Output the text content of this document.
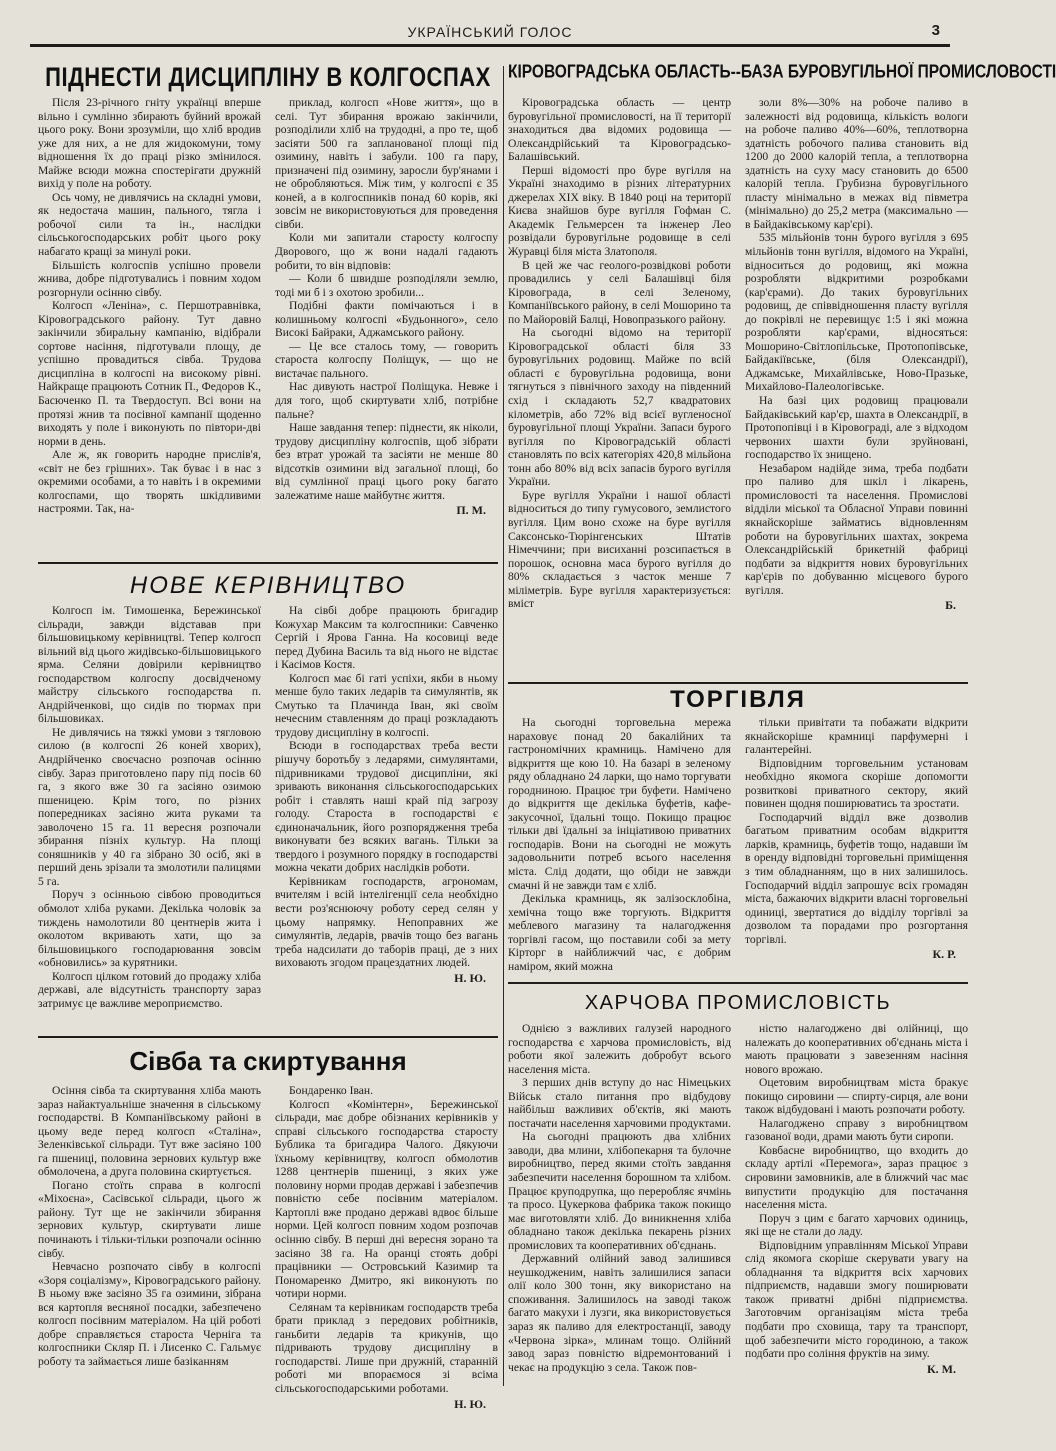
УКРАЇНСЬКИЙ ГОЛОС	3
ПІДНЕСТИ ДИСЦИПЛІНУ В КОЛГОСПАХ

Після 23-річного гніту українці вперше вільно і сумлінно збирають буйний врожай цього року. Вони зрозуміли, що хліб вродив уже для них, а не для жидокомуни, тому відношення їх до праці різко змінилося. Майже всюди можна спостерігати дружній вихід у поле на роботу.

Ось чому, не дивлячись на складні умови, як недостача машин, пального, тягла і робочої сили та ін., наслідки сільськогосподарських робіт цього року набагато кращі за минулі роки.

Більшість колгоспів успішно провели жнива, добре підготувались і повним ходом розгорнули осінню сівбу.

Колгосп «Леніна», с. Першотравнівка, Кіровоградського району. Тут давно закінчили збиральну кампанію, відібрали сортове насіння, підготували площу, де успішно провадиться сівба. Трудова дисципліна в колгоспі на високому рівні. Найкраще працюють Сотник П., Федоров К., Басюченко П. та Твердоступ. Всі вони на протязі жнив та посівної кампанії щоденно виходять у поле і виконують по півтори-дві норми в день.

Але ж, як говорить народне прислів'я, «світ не без грішних». Так буває і в нас з окремими особами, а то навіть і в окремими колгоспами, що творять шкідливими настроями. Так, на-

приклад, колгосп «Нове життя», що в селі. Тут збирання врожаю закінчили, розподілили хліб на трудодні, а про те, щоб засіяти 500 га запланованої площі під озимину, навіть і забули. 100 га пару, призначені під озимину, заросли бур'янами і не обробляються. Між тим, у колгоспі є 35 коней, а в колгоспників понад 60 корів, які зовсім не використовуються для проведення сівби.

Коли ми запитали старосту колгоспу Дворового, що ж вони надалі гадають робити, то він відповів:

— Коли б швидше розподіляли землю, тоді ми б і з охотою зробили...

Подібні факти помічаються і в колишньому колгоспі «Будьонного», село Високі Байраки, Аджамського району.

— Це все сталось тому, — говорить староста колгоспу Поліщук, — що не вистачає пального.

Нас дивують настрої Поліщука. Невже і для того, щоб скиртувати хліб, потрібне пальне?

Наше завдання тепер: піднести, як ніколи, трудову дисципліну колгоспів, щоб зібрати без втрат урожай та засіяти не менше 80 відсотків озимини від загальної площі, бо від сумлінної праці цього року багато залежатиме наше майбутнє життя.

П. М.
НОВЕ КЕРІВНИЦТВО

Колгосп ім. Тимошенка, Бережинської сільради, завжди відставав при більшовицькому керівництві. Тепер колгосп вільний від цього жидівсько-більшовицького ярма. Селяни довірили керівництво господарством колгоспу досвідченому майстру сільського господарства п. Андрійченкові, що сидів по тюрмах при більшовиках.

Не дивлячись на тяжкі умови з тягловою силою (в колгоспі 26 коней хворих), Андрійченко своєчасно розпочав осінню сівбу. Зараз приготовлено пару під посів 60 га, з якого вже 30 га засіяно озимою пшеницею. Крім того, по різних попередниках засіяно жита руками та заволочено 15 га. 11 вересня розпочали збирання пізніх культур. На площі соняшників у 40 га зібрано 30 осіб, які в перший день зрізали та змолотили палицями 5 га.

Поруч з осінньою сівбою проводиться обмолот хліба руками. Декілька чоловік за тиждень намолотили 80 центнерів жита і околотом вкривають хати, що за більшовицького господарювання зовсім «обновились» за курятники.

Колгосп цілком готовий до продажу хліба державі, але відсутність транспорту зараз затримує це важливе мероприємство.

На сівбі добре працюють бригадир Кожухар Максим та колгоспники: Савченко Сергій і Ярова Ганна. На косовиці веде перед Дубина Василь та від нього не відстає і Касімов Костя.

Колгосп має бi гаті успіхи, якби в ньому менше було таких ледарів та симулянтів, як Смутько та Плачинда Іван, які своїм нечесним ставленням до праці розкладають трудову дисципліну в колгоспі.

Всюди в господарствах треба вести рішучу боротьбу з ледарями, симулянтами, підривниками трудової дисципліни, які зривають виконання сільськогосподарських робіт і ставлять нашi край під загрозу голоду. Староста в господарстві є єдиноначальник, його розпорядження треба виконувати без всяких вагань. Тільки за твердого і розумного порядку в господарстві можна чекати добрих наслідків роботи.

Керівникам господарств, агрономам, вчителям і всій інтелігенції села необхідно вести роз'яснюючу роботу серед селян у цьому напрямку. Непоправних же симулянтів, ледарів, рвачів тощо без вагань треба надсилати до таборів праці, де з них виховають згодом працездатних людей.

Н. Ю.
Сівба та скиртування

Осіння сівба та скиртування хліба мають зараз найактуальніше значення в сільському господарстві. В Компаніївському районі в цьому веде перед колгосп «Сталіна», Зеленківської сільради. Тут вже засіяно 100 га пшениці, половина зернових культур вже обмолочена, а друга половина скиртується.

Погано стоїть справа в колгоспі «Міхоєна», Сасівської сільради, цього ж району. Тут ще не закінчили збирання зернових культур, скиртувати лише починають і тільки-тільки розпочали осінню сівбу.

Невчасно розпочато сівбу в колгоспі «Зоря соціалізму», Кіровоградського району. В ньому вже засіяно 35 га озимини, зібрана вся картопля весняної посадки, забезпечено колгосп посівним матеріалом. На цій роботі добре справляється староста Черніга та колгоспники Скляр П. і Лисенко С. Гальмує роботу та займається лише базіканням

Бондаренко Іван.

Колгосп «Комінтерн», Бережинської сільради, має добре обізнаних керівників у справі сільського господарства старосту Бублика та бригадира Чалого. Дякуючи їхньому керівництву, колгосп обмолотив 1288 центнерів пшениці, з яких уже половину норми продав державі і забезпечив повністю себе посівним матеріалом. Картоплі вже продано державі вдвоє більше норми. Цей колгосп повним ходом розпочав осінню сівбу. В перші дні вересня зорано та засіяно 38 га. На оранці стоять добрі працівники — Островський Казимир та Пономаренко Дмитро, які виконують по чотири норми.

Селянам та керівникам господарств треба брати приклад з передових робітників, ганьбити ледарів та крикунів, що підривають трудову дисципліну в господарстві. Лише при дружній, старанній роботі ми впораємося зі всіма сільськогосподарськими роботами.

Н. Ю.
КІРОВОГРАДСЬКА ОБЛАСТЬ--БАЗА БУРОВУГІЛЬНОЇ ПРОМИСЛОВОСТІ

Кіровоградська область — центр буровугільної промисловості, на її території знаходиться два відомих родовища — Олександрійський та Кіровоградсько-Балашівський.

Перші відомості про буре вугілля на Україні знаходимо в різних літературних джерелах XIX віку. В 1840 році на території Києва знайшов буре вугілля Гофман С. Академік Гельмерсен та інженер Лео розвідали буровугільне родовище в селі Журавці біля міста Златополя.

В цей же час геолого-розвідкові роботи провадились у селі Балашівці біля Кіровограда, в селі Зеленому, Компаніївського району, в селі Мошорино та по Майоровій Балці, Новопразького району.

На сьогодні відомо на території Кіровоградської області біля 33 буровугільних родовищ. Майже по всій області є буровугільна родовища, вони тягнуться з північного заходу на південний схід і складають 52,7 квадратових кілометрів, або 72% від всієї вугленосної буровугільної площі України. Запаси бурого вугілля по Кіровоградській області становлять по всіх категоріях 420,8 мільйона тонн або 80% від всіх запасів бурого вугілля України.

Буре вугілля України і нашої області відноситься до типу гумусового, землистого вугілля. Цим воно схоже на буре вугілля Саксонсько-Тюрінгенських Штатів Німеччини; при висиханні розсипається в порошок, основна маса бурого вугілля до 80% складається з часток менше 7 міліметрів. Буре вугілля характеризується: вміст

золи 8%—30% на робоче паливо в залежності від родовища, кількість вологи на робоче паливо 40%—60%, теплотворна здатність робочого палива становить від 1200 до 2000 калорій тепла, а теплотворна здатність на суху масу становить до 6500 калорій тепла. Грубизна буровугільного пласту мінімально в межах від півметра (мінімально) до 25,2 метра (максимально — в Байдаківському кар'єрі).

535 мільйонів тонн бурого вугілля з 695 мільйонів тонн вугілля, відомого на Україні, відноситься до родовищ, які можна розробляти відкритими розробками (кар'єрами). До таких буровугільних родовищ, де співвідношення пласту вугілля до покрівлі не перевищує 1:5 і які можна розробляти кар'єрами, відносяться: Мошорино-Світлопільське, Протопопівське, Байдакіївське, (біля Олександрії), Аджамське, Михайлівське, Ново-Празьке, Михайлово-Палеологівське.

На базі цих родовищ працювали Байдаківський кар'єр, шахта в Олександрії, в Протопопівці і в Кіровограді, але з відходом червоних шахти були зруйновані, господарство їх знищено.

Незабаром надійде зима, треба подбати про паливо для шкіл і лікарень, промисловості та населення. Промислові відділи міської та Обласної Управи повинні якнайскоріше займатись відновленням роботи на буровугільних шахтах, зокрема Олександрійській брикетній фабриці подбати за відкриття нових буровугільних кар'єрів по добуванню місцевого бурого вугілля.

Б.
ТОРГІВЛЯ

На сьогодні торговельна мережа нараховує понад 20 бакалійних та гастрономічних крамниць. Намічено для відкриття ще кою 10. На базарі в зеленому ряду обладнано 24 ларки, що намо торгувати городниною. Працює три буфети. Намічено до відкриття ще декілька буфетів, кафе-закусочної, їдальні тощо. Покищо працює тільки дві їдальні за ініціативою приватних господарів. Вони на сьогодні не можуть задовольнити потреб всього населення міста. Слід додати, що обіди не завжди смачні й не завжди там є хліб.

Декілька крамниць, як залізосклобіна, хемічна тощо вже торгують. Відкриття меблевого магазину та налагодження торгівлі гасом, що поставили собі за мету Кірторг в найближчий час, є добрим наміром, який можна

тільки привітати та побажати відкрити якнайскоріше крамниці парфумерні і галантерейні.

Відповідним торговельним установам необхідно якомога скоріше допомогти розвиткові приватного сектору, який повинен щодня поширюватись та зростати.

Господарчий відділ вже дозволив багатьом приватним особам відкриття ларків, крамниць, буфетів тощо, надавши їм в оренду відповідні торговельні приміщення з тим обладнанням, що в них залишилось. Господарчий відділ запрошує всіх громадян міста, бажаючих відкрити власні торговельні одиниці, звертатися до відділу торгівлі за дозволом та порадами про розгортання торгівлі.

К. Р.
ХАРЧОВА ПРОМИСЛОВІСТЬ

Однією з важливих галузей народного господарства є харчова промисловість, від роботи якої залежить добробут всього населення міста.

З перших днів вступу до нас Німецьких Військ стало питання про відбудову найбільш важливих об'єктів, які мають постачати населення харчовими продуктами.

На сьогодні працюють два хлібних заводи, два млини, хлібопекарня та булочне виробництво, перед якими стоїть завдання забезпечити населення борошном та хлібом. Працює круподрупка, що переробляє ячмінь та просо. Цукеркова фабрика також покищо має виготовляти хліб. До виникнення хліба обладнано також декілька пекарень різних промислових та кооперативних об'єднань.

Державний олійний завод залишився неушкодженим, навіть залишилися запаси олії коло 300 тонн, яку використано на споживання. Залишилось на заводі також багато макухи і лузги, яка використовується зараз як паливо для електростанції, заводу «Червона зірка», млинам тощо. Олійний завод зараз повністю відремонтований і чекає на продукцію з села. Також пов-

ністю налагоджено дві олійниці, що належать до кооперативних об'єднань міста і мають працювати з завезенням насіння нового врожаю.

Оцетовим виробництвам міста бракує покищо сировини — спирту-сирця, але вони також відбудовані і мають розпочати роботу.

Налагоджено справу з виробництвом газованої води, драми мають бути сиропи.

Ковбасне виробництво, що входить до складу артілі «Перемога», зараз працює з сировини замовників, але в ближчий час має випустити продукцію для постачання населення міста.

Поруч з цим є багато харчових одиниць, які ще не стали до ладу.

Відповідним управлінням Міської Управи слід якомога скоріше скерувати увагу на обладнання та відкриття всіх харчових підприємств, надавши змогу поширювати також приватні дрібні підприємства. Заготовчим організаціям міста треба подбати про сховища, тару та транспорт, щоб забезпечити місто городиною, а також подбати про солiння фруктів на зиму.

К. М.
